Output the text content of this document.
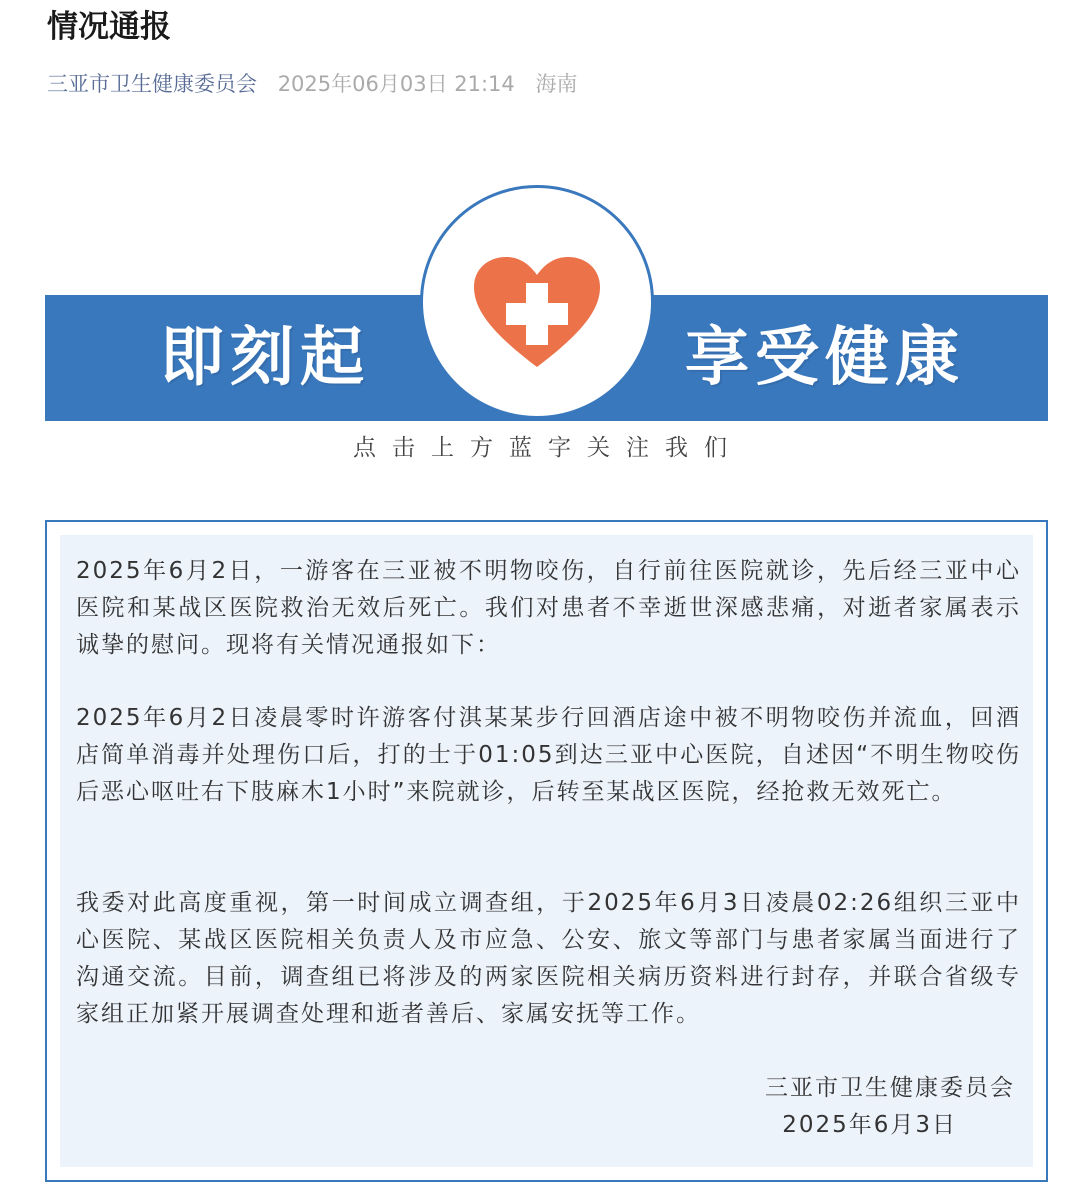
情况通报
三亚市卫生健康委员会 2025年06月03日 21:14 海南
即刻起	享受健康
点击上方蓝字关注我们

2025年6月2日，一游客在三亚被不明物咬伤，自行前往医院就诊，先后经三亚中心医院和某战区医院救治无效后死亡。我们对患者不幸逝世深感悲痛，对逝者家属表示诚挚的慰问。现将有关情况通报如下：

2025年6月2日凌晨零时许游客付淇某某步行回酒店途中被不明物咬伤并流血，回酒店简单消毒并处理伤口后，打的士于01:05到达三亚中心医院，自述因“不明生物咬伤后恶心呕吐右下肢麻木1小时”来院就诊，后转至某战区医院，经抢救无效死亡。

我委对此高度重视，第一时间成立调查组，于2025年6月3日凌晨02:26组织三亚中心医院、某战区医院相关负责人及市应急、公安、旅文等部门与患者家属当面进行了沟通交流。目前，调查组已将涉及的两家医院相关病历资料进行封存，并联合省级专家组正加紧开展调查处理和逝者善后、家属安抚等工作。

三亚市卫生健康委员会
2025年6月3日
